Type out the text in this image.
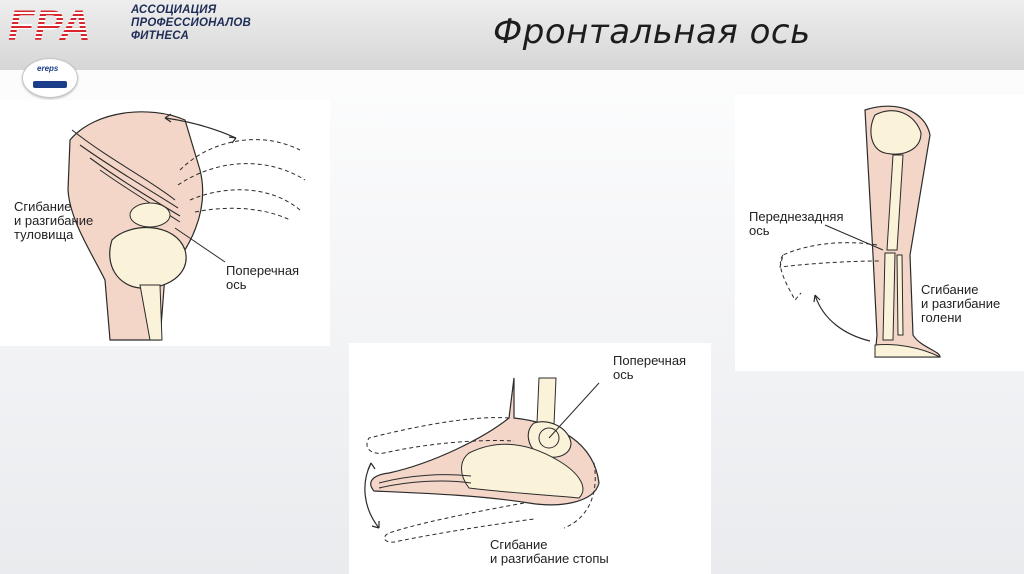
FPA	АССОЦИАЦИЯ
ПРОФЕССИОНАЛОВ
ФИТНЕСА	Фронтальная ось
ereps
Сгибание
и разгибание
туловища
Поперечная
ось
Переднезадняя
ось
Сгибание
и разгибание
голени
Поперечная
ось
Сгибание
и разгибание стопы
